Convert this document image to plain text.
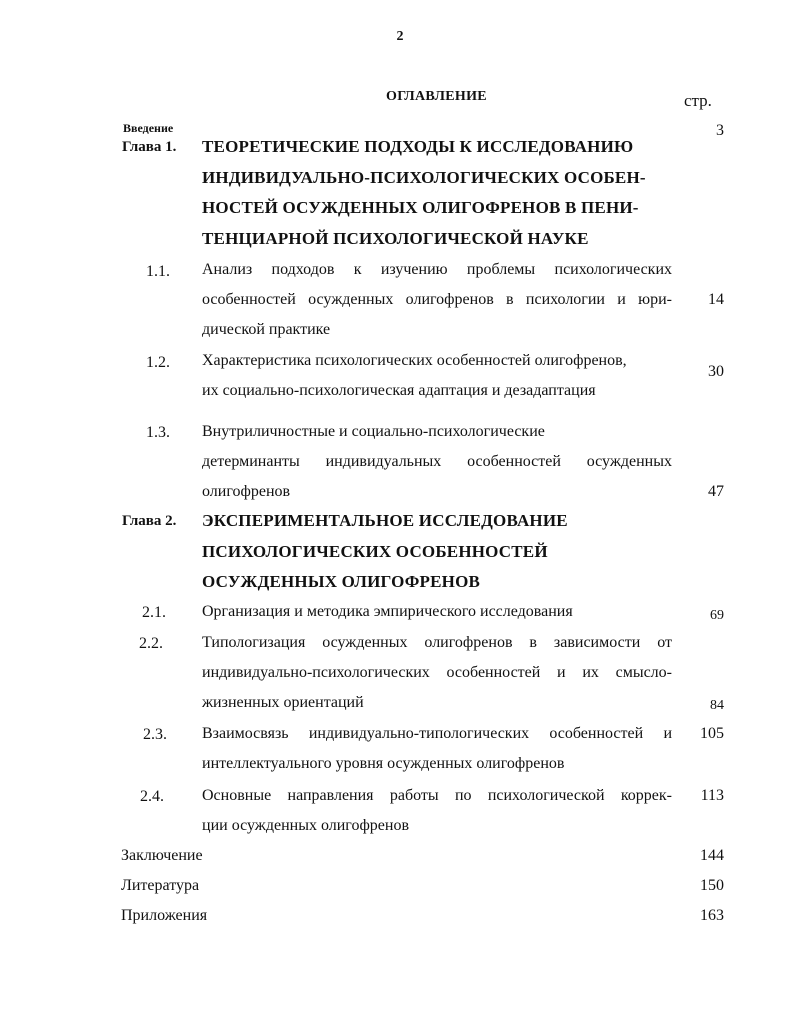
2
ОГЛАВЛЕНИЕ	стр.
Введение	3
Глава 1. ТЕОРЕТИЧЕСКИЕ ПОДХОДЫ К ИССЛЕДОВАНИЮ
ИНДИВИДУАЛЬНО-ПСИХОЛОГИЧЕСКИХ ОСОБЕН-
НОСТЕЙ ОСУЖДЕННЫХ ОЛИГОФРЕНОВ В ПЕНИ-
ТЕНЦИАРНОЙ ПСИХОЛОГИЧЕСКОЙ НАУКЕ
1.1. Анализ подходов к изучению проблемы психологических
особенностей осужденных олигофренов в психологии и юри-
дической практике
14
1.2. Характеристика психологических особенностей олигофренов,
их социально-психологическая адаптация и дезадаптация
30
1.3. Внутриличностные и социально-психологические
детерминанты индивидуальных особенностей осужденных
олигофренов	47
Глава 2. ЭКСПЕРИМЕНТАЛЬНОЕ ИССЛЕДОВАНИЕ
ПСИХОЛОГИЧЕСКИХ ОСОБЕННОСТЕЙ
ОСУЖДЕННЫХ ОЛИГОФРЕНОВ
2.1. Организация и методика эмпирического исследования	69
2.2. Типологизация осужденных олигофренов в зависимости от
индивидуально-психологических особенностей и их смысло-
жизненных ориентаций	84
2.3. Взаимосвязь индивидуально-типологических особенностей и
интеллектуального уровня осужденных олигофренов
105
2.4. Основные направления работы по психологической коррек-
ции осужденных олигофренов
113
Заключение	144
Литература	150
Приложения	163
